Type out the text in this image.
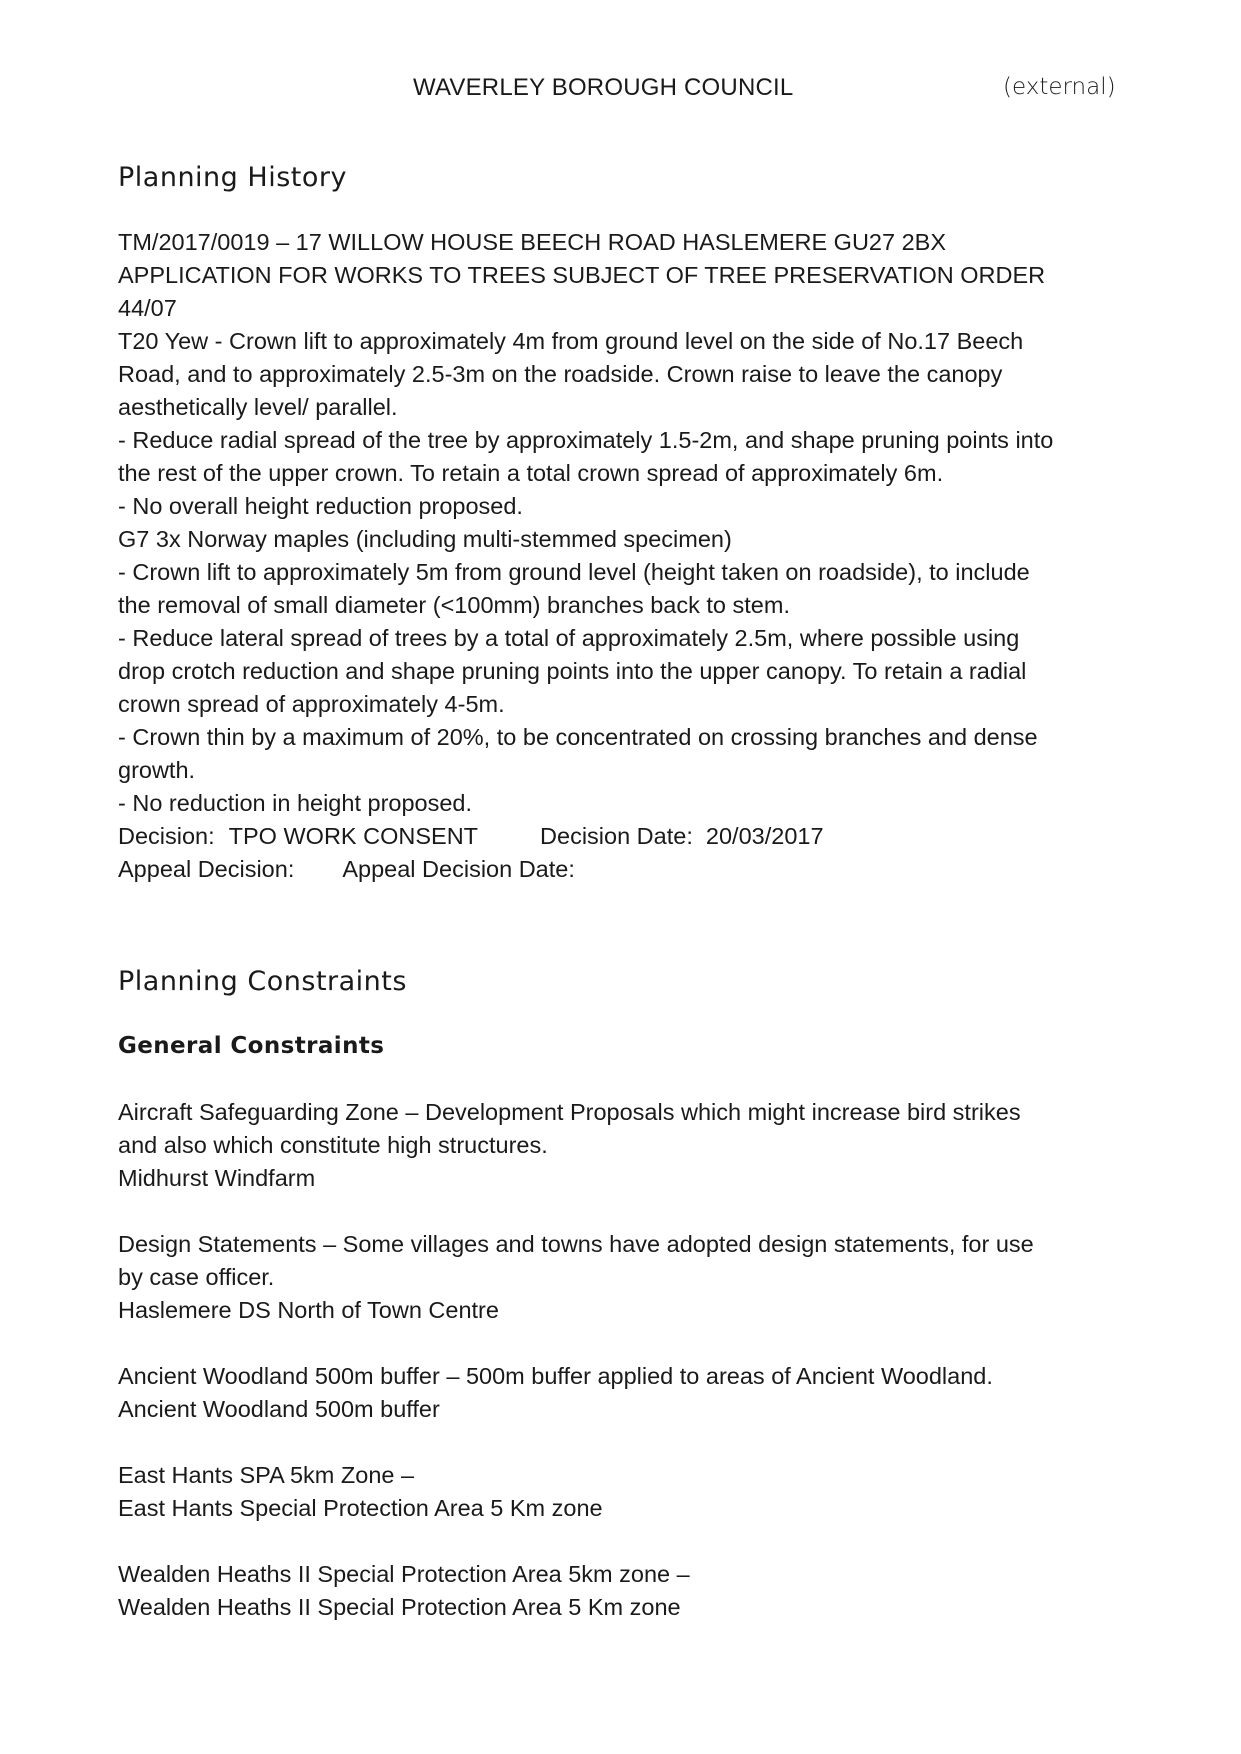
WAVERLEY BOROUGH COUNCIL	(external)
Planning History
TM/2017/0019 – 17 WILLOW HOUSE BEECH ROAD HASLEMERE GU27 2BX
APPLICATION FOR WORKS TO TREES SUBJECT OF TREE PRESERVATION ORDER
44/07
T20 Yew - Crown lift to approximately 4m from ground level on the side of No.17 Beech
Road, and to approximately 2.5-3m on the roadside. Crown raise to leave the canopy
aesthetically level/ parallel.
- Reduce radial spread of the tree by approximately 1.5-2m, and shape pruning points into
the rest of the upper crown. To retain a total crown spread of approximately 6m.
- No overall height reduction proposed.
G7 3x Norway maples (including multi-stemmed specimen)
- Crown lift to approximately 5m from ground level (height taken on roadside), to include
the removal of small diameter (<100mm) branches back to stem.
- Reduce lateral spread of trees by a total of approximately 2.5m, where possible using
drop crotch reduction and shape pruning points into the upper canopy. To retain a radial
crown spread of approximately 4-5m.
- Crown thin by a maximum of 20%, to be concentrated on crossing branches and dense
growth.
- No reduction in height proposed.
Decision: TPO WORK CONSENT	Decision Date: 20/03/2017
Appeal Decision: Appeal Decision Date:
Planning Constraints
General Constraints
Aircraft Safeguarding Zone – Development Proposals which might increase bird strikes
and also which constitute high structures.
Midhurst Windfarm
Design Statements – Some villages and towns have adopted design statements, for use
by case officer.
Haslemere DS North of Town Centre
Ancient Woodland 500m buffer – 500m buffer applied to areas of Ancient Woodland.
Ancient Woodland 500m buffer
East Hants SPA 5km Zone –
East Hants Special Protection Area 5 Km zone
Wealden Heaths II Special Protection Area 5km zone –
Wealden Heaths II Special Protection Area 5 Km zone
